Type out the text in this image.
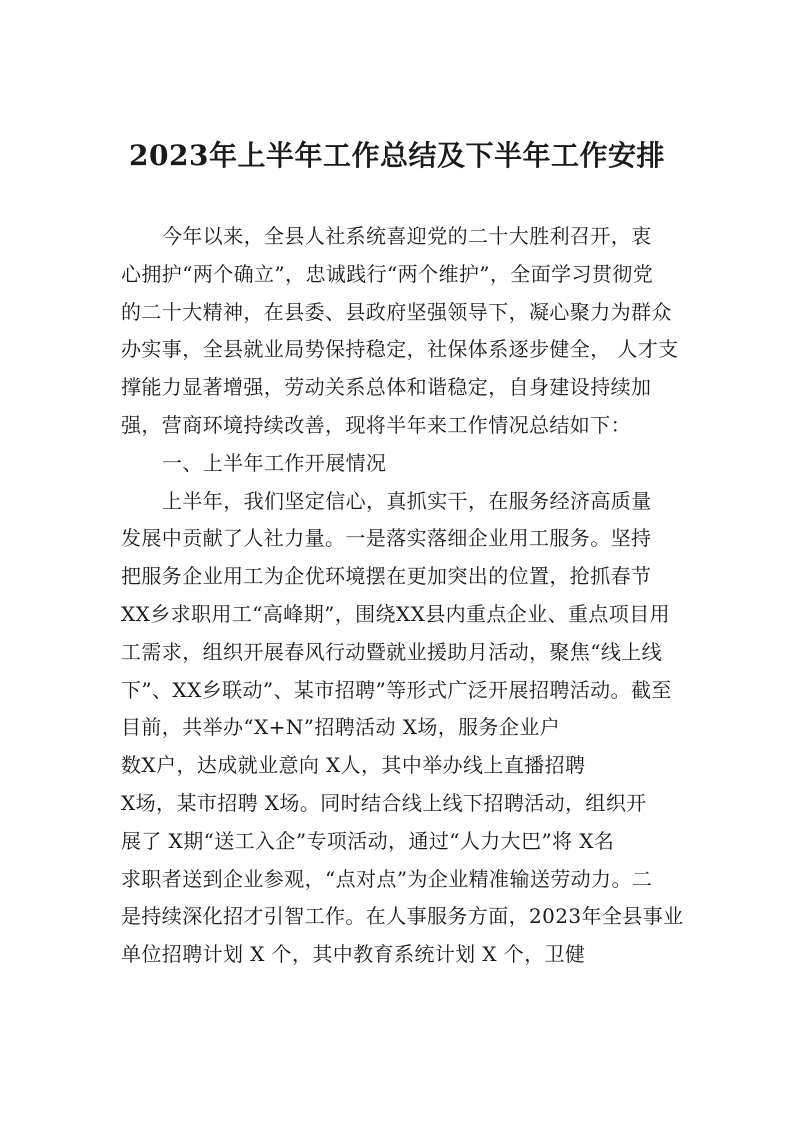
2023年上半年工作总结及下半年工作安排
今年以来，全县人社系统喜迎党的二十大胜利召开，衷
心拥护“两个确立”，忠诚践行“两个维护”，全面学习贯彻党
的二十大精神，在县委、县政府坚强领导下，凝心聚力为群众
办实事，全县就业局势保持稳定，社保体系逐步健全， 人才支
撑能力显著增强，劳动关系总体和谐稳定，自身建设持续加
强，营商环境持续改善，现将半年来工作情况总结如下：
一、上半年工作开展情况
上半年，我们坚定信心，真抓实干，在服务经济高质量
发展中贡献了人社力量。一是落实落细企业用工服务。坚持
把服务企业用工为企优环境摆在更加突出的位置，抢抓春节
XX乡求职用工“高峰期”，围绕XX县内重点企业、重点项目用
工需求，组织开展春风行动暨就业援助月活动，聚焦“线上线
下”、XX乡联动”、某市招聘”等形式广泛开展招聘活动。截至
目前，共举办“X+N”招聘活动 X场，服务企业户
数X户，达成就业意向 X人，其中举办线上直播招聘
X场，某市招聘 X场。同时结合线上线下招聘活动，组织开
展了 X期“送工入企”专项活动，通过“人力大巴”将 X名
求职者送到企业参观，“点对点”为企业精准输送劳动力。二
是持续深化招才引智工作。在人事服务方面，2023年全县事业
单位招聘计划 X 个，其中教育系统计划 X 个，卫健
